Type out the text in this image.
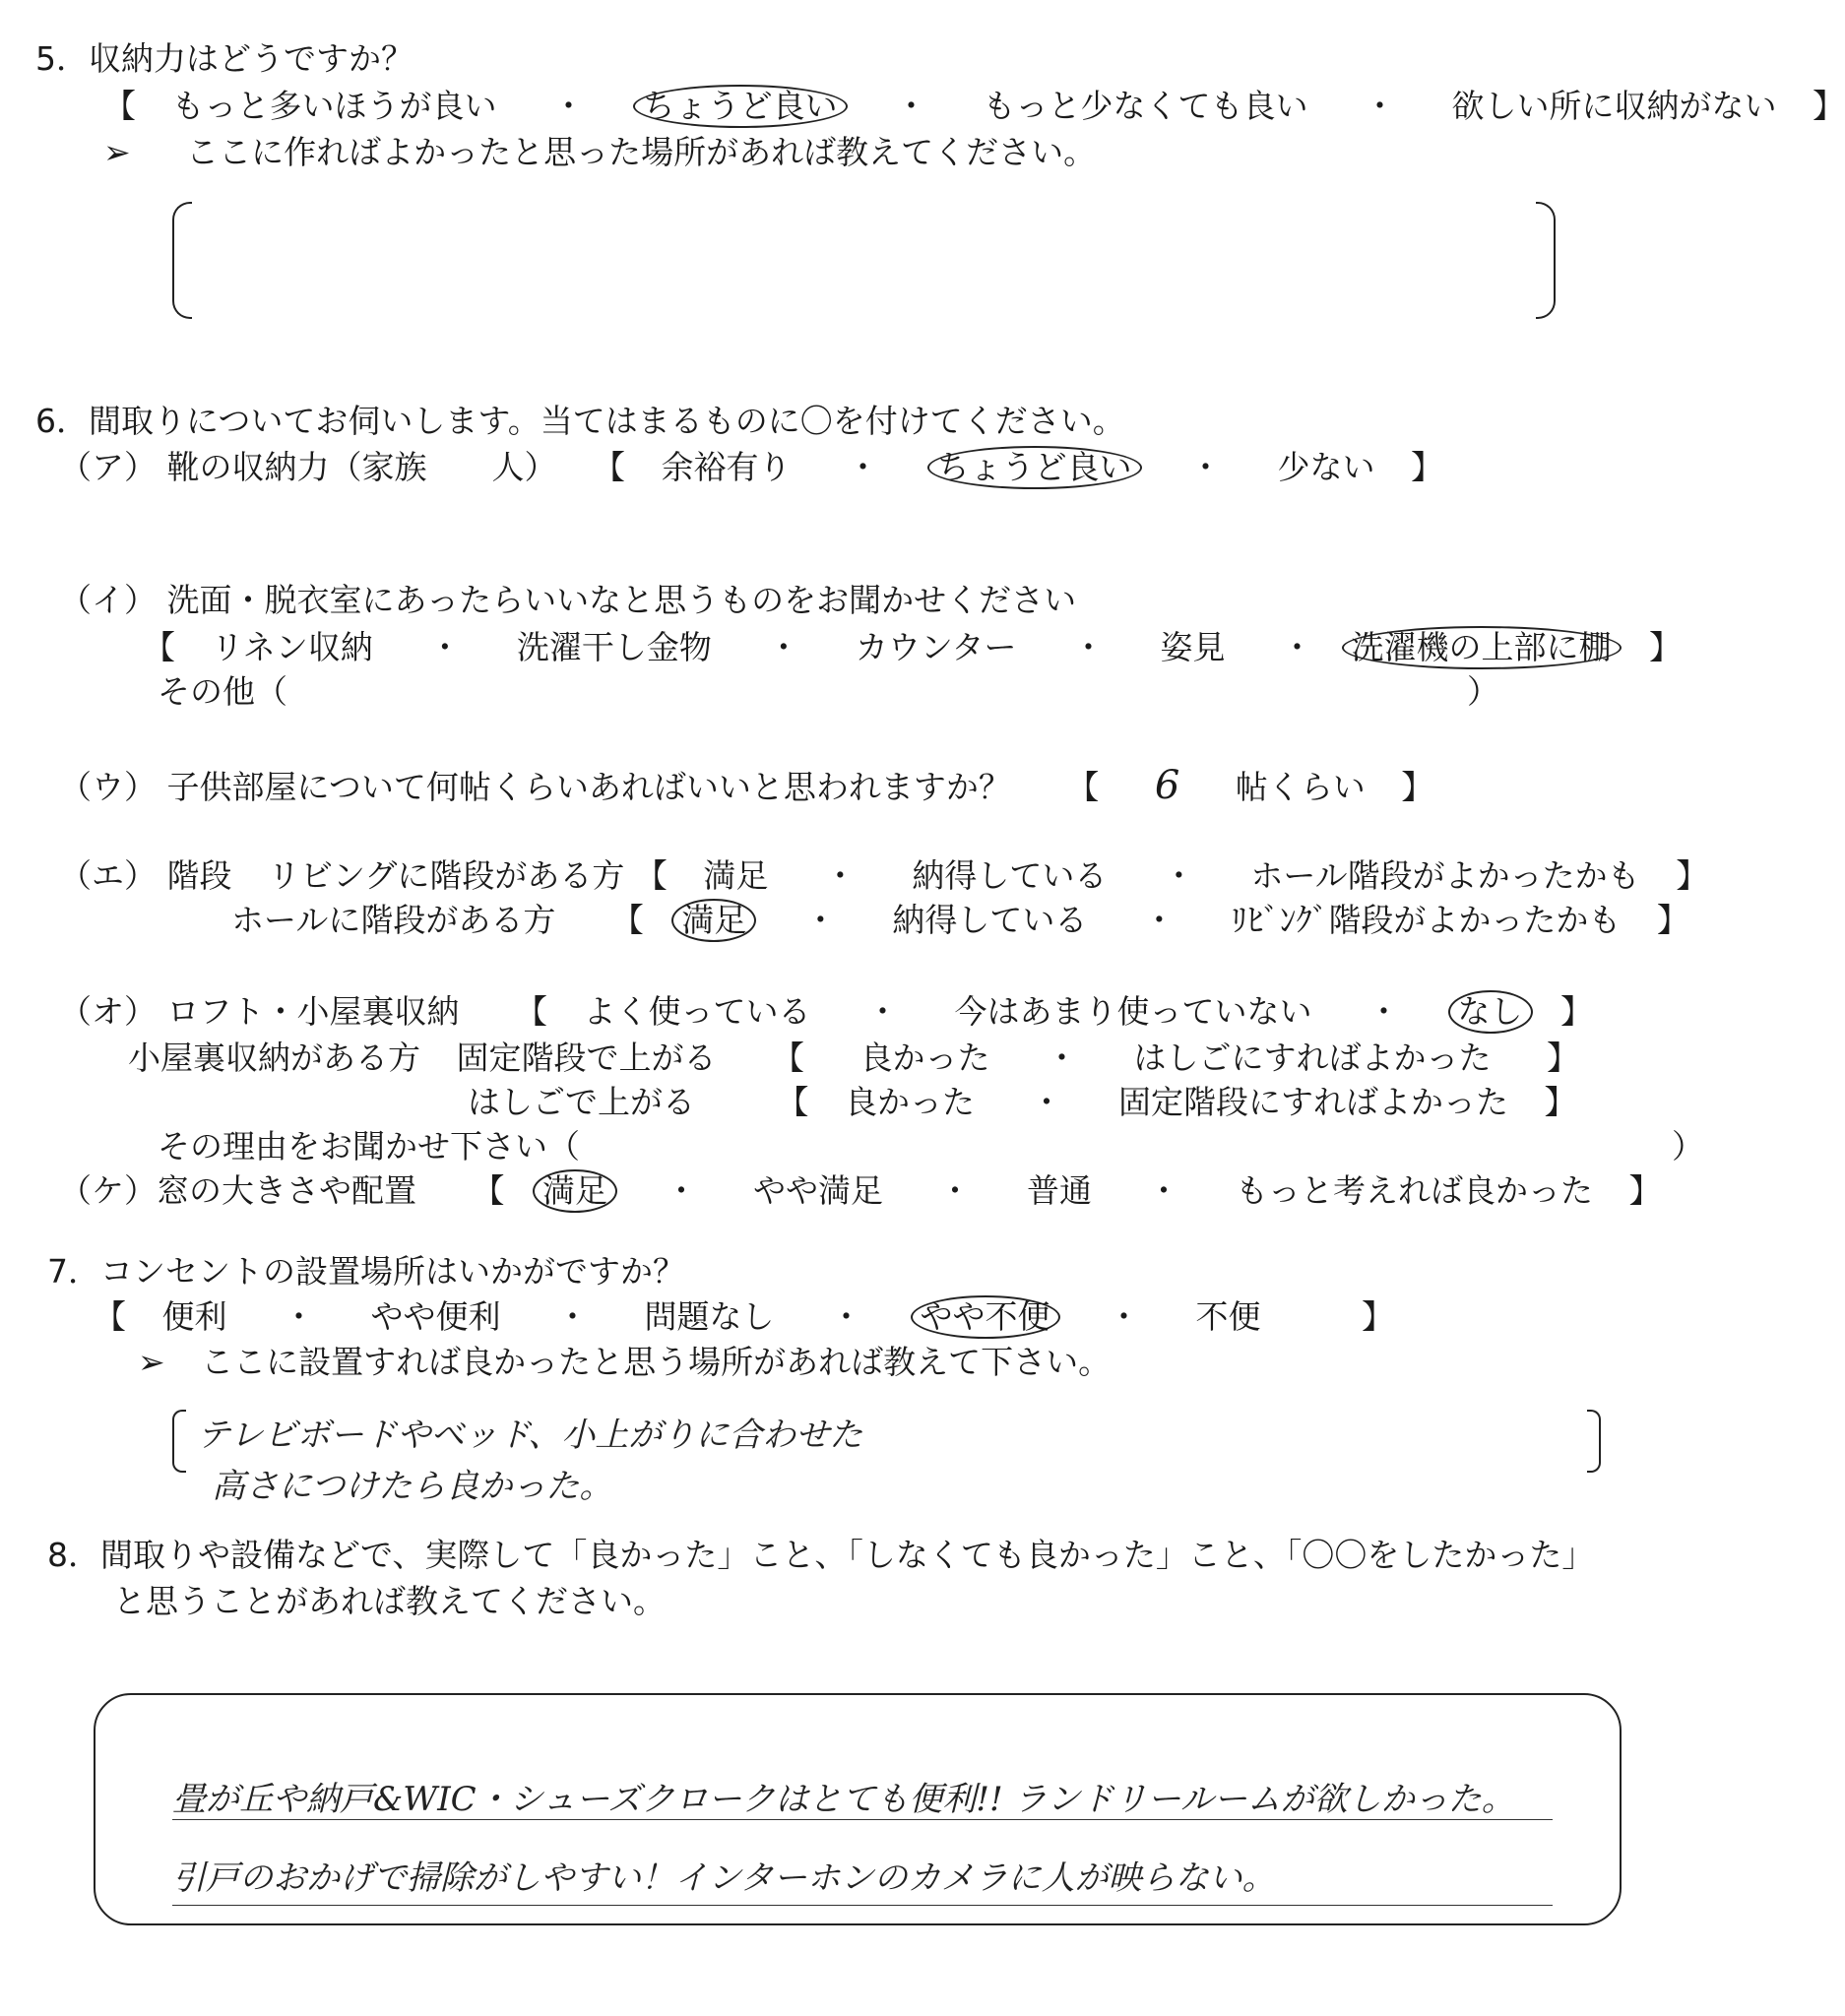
5．収納力はどうですか？
【 もっと多いほうが良い ・ ちょうど良い ・ もっと少なくても良い ・ 欲しい所に収納がない 】
➢ ここに作ればよかったと思った場所があれば教えてください。
6．間取りについてお伺いします。当てはまるものに〇を付けてください。
（ア） 靴の収納力（家族　　人） 【 余裕有り ・ ちょうど良い ・ 少ない 】
（イ） 洗面・脱衣室にあったらいいなと思うものをお聞かせください
【 リネン収納 ・ 洗濯干し金物 ・ カウンター ・ 姿見 ・ 洗濯機の上部に棚 】
その他（	）
（ウ） 子供部屋について何帖くらいあればいいと思われますか？ 【 6 帖くらい 】
（エ） 階段 リビングに階段がある方 【 満足 ・ 納得している ・ ホール階段がよかったかも 】
ホールに階段がある方 【 満足 ・ 納得している ・ ﾘﾋﾞﾝｸﾞ階段がよかったかも 】
（オ） ロフト・小屋裏収納 【 よく使っている ・ 今はあまり使っていない ・ なし 】
小屋裏収納がある方 固定階段で上がる 【 良かった ・ はしごにすればよかった 】
はしごで上がる	【 良かった ・ 固定階段にすればよかった 】
その理由をお聞かせ下さい（	）
（ケ）窓の大きさや配置 【 満足 ・ やや満足 ・ 普通 ・ もっと考えれば良かった 】
7．コンセントの設置場所はいかがですか？
【 便利 ・ やや便利 ・ 問題なし ・ やや不便 ・ 不便	】
➢ ここに設置すれば良かったと思う場所があれば教えて下さい。
テレビボードやベッド、小上がりに合わせた
高さにつけたら良かった。
8．間取りや設備などで、実際して「良かった」こと、「しなくても良かった」こと、「〇〇をしたかった」
と思うことがあれば教えてください。
畳が丘や納戸&WIC・シューズクロークはとても便利!! ランドリールームが欲しかった。
引戸のおかげで掃除がしやすい！インターホンのカメラに人が映らない。
